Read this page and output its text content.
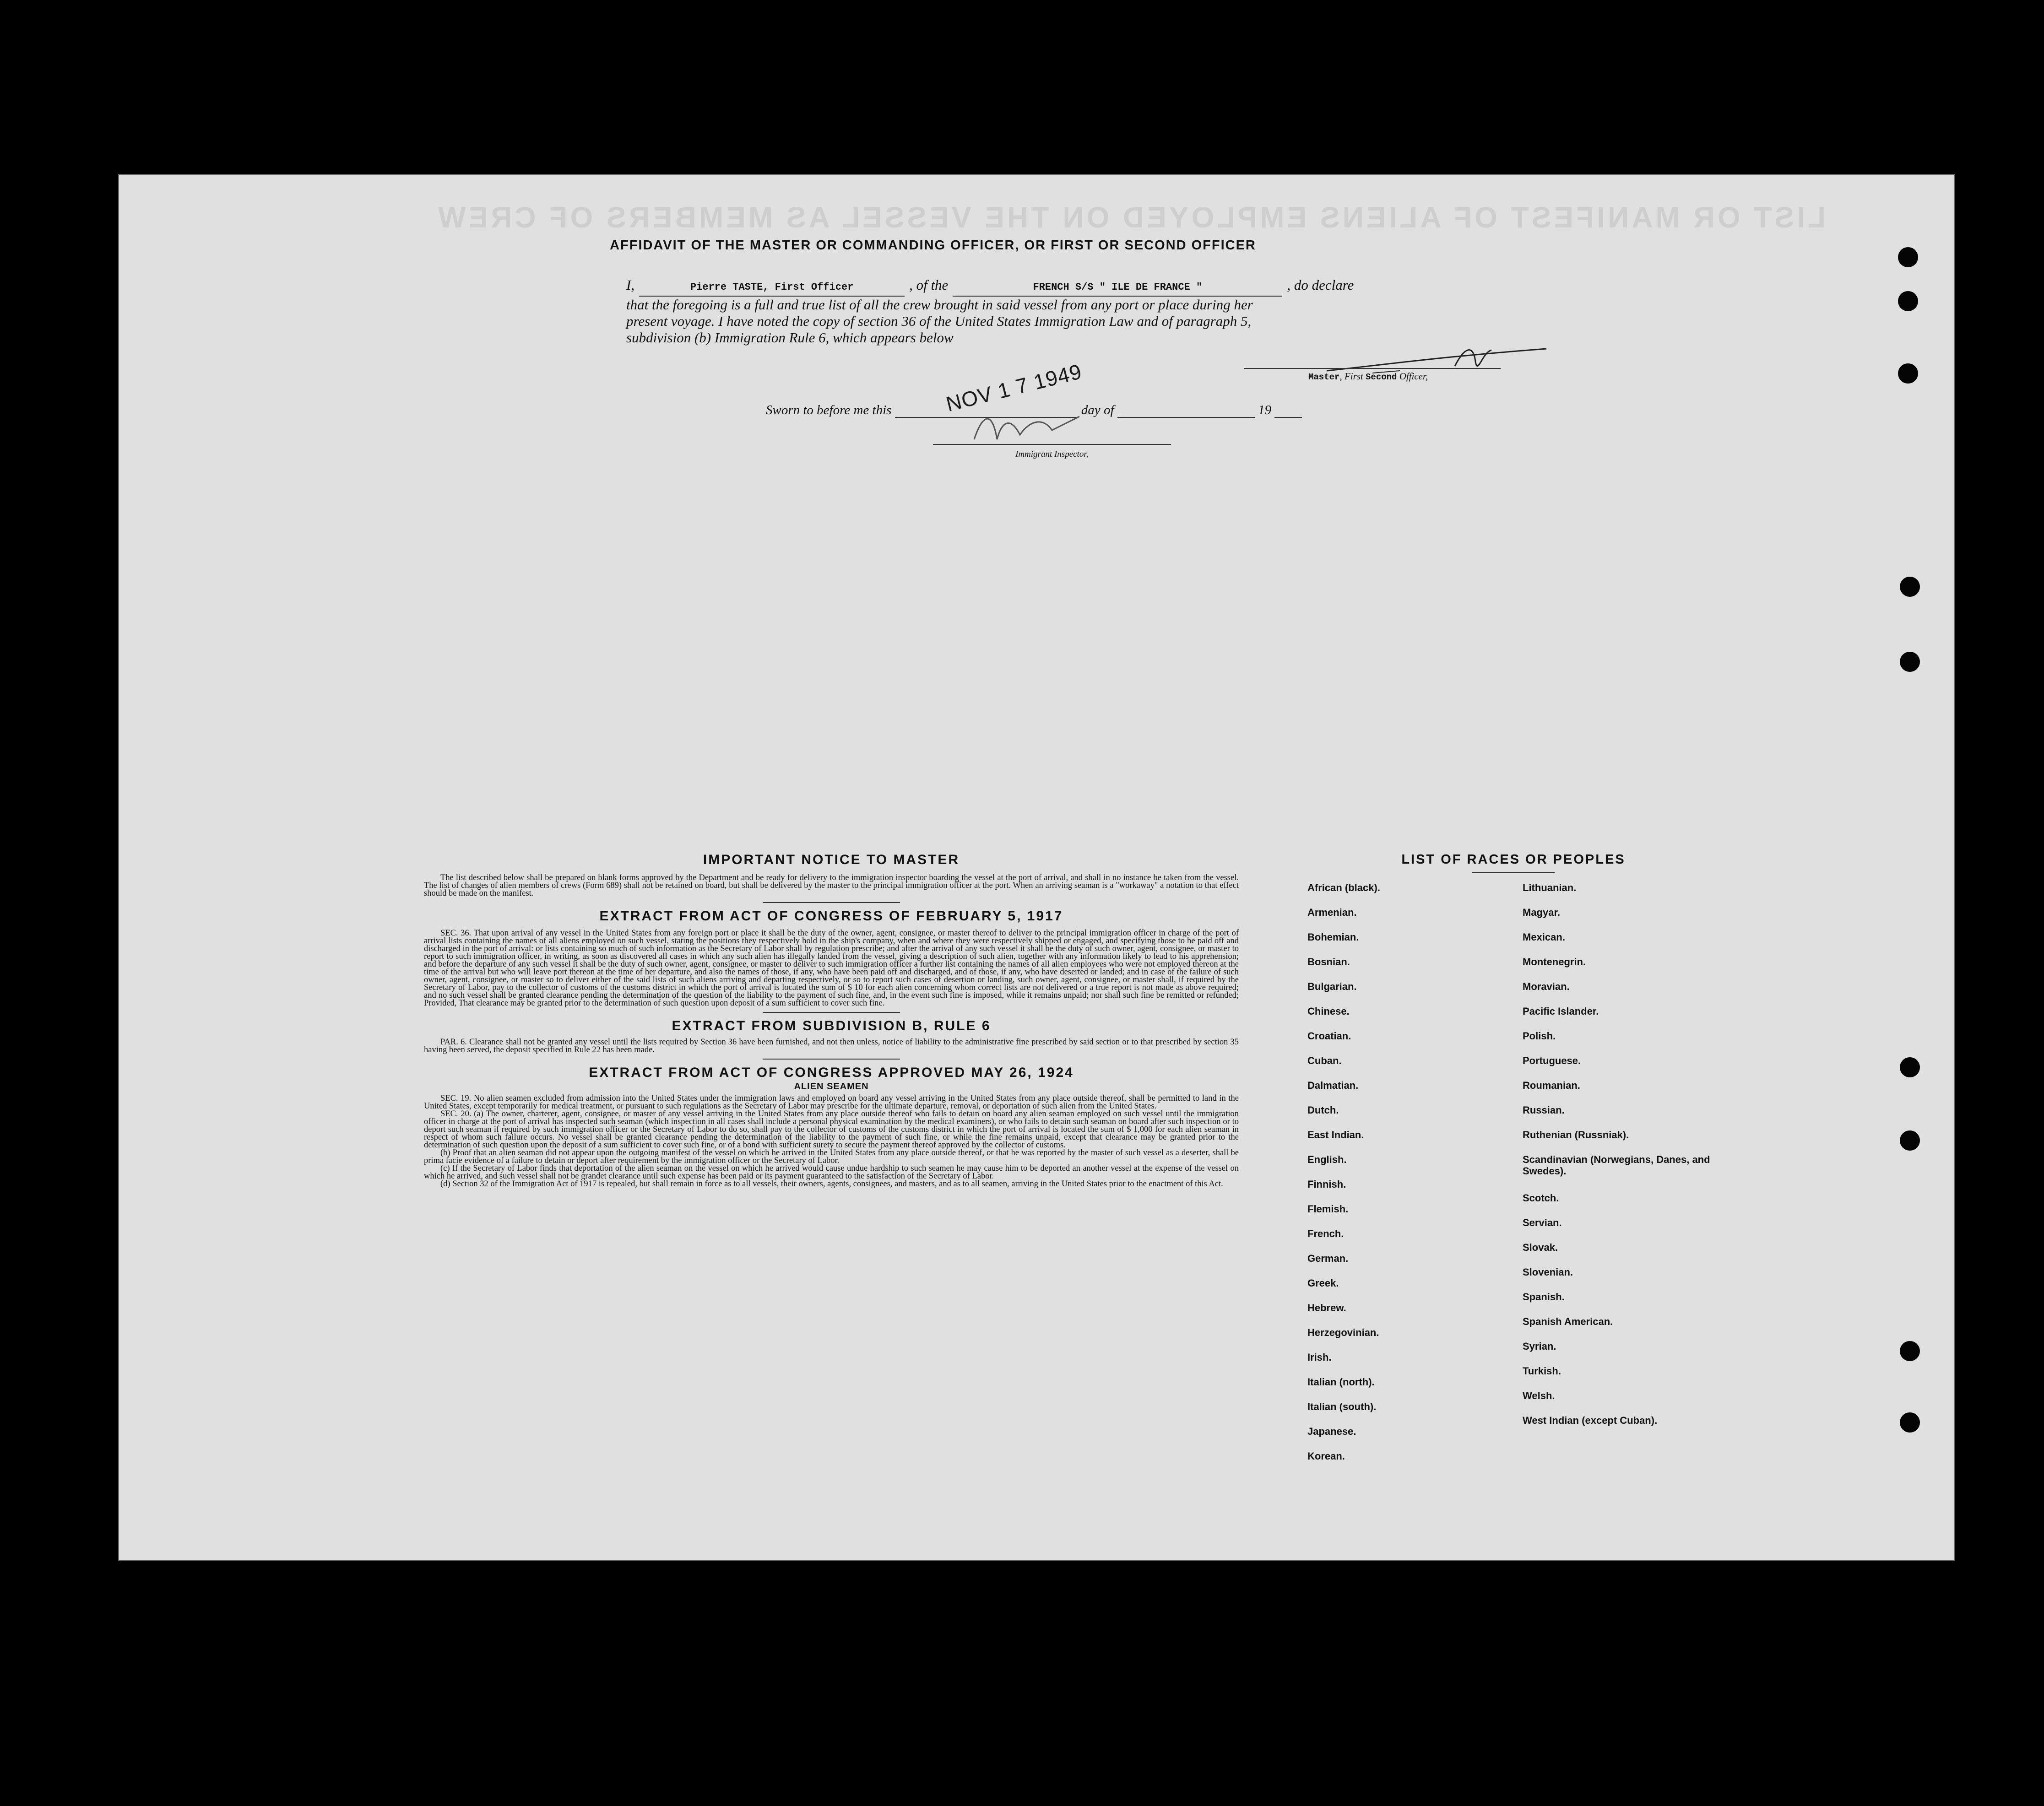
LIST OR MANIFEST OF ALIENS EMPLOYED ON THE VESSEL AS MEMBERS OF CREW
AFFIDAVIT OF THE MASTER OR COMMANDING OFFICER, OR FIRST OR SECOND OFFICER
I,	Pierre TASTE, First Officer	, of the	FRENCH S/S " ILE DE FRANCE "	, do declare
that the foregoing is a full and true list of all the crew brought in said vessel from any port or place during her
present voyage. I have noted the copy of section 36 of the United States Immigration Law and of paragraph 5,
subdivision (b) Immigration Rule 6, which appears below
Master, First Second Officer,
Sworn to before me this	day of	19
NOV 1 7 1949
Immigrant Inspector,
IMPORTANT NOTICE TO MASTER

The list described below shall be prepared on blank forms approved by the Department and be ready for delivery to the immigration inspector boarding the vessel at the port of arrival, and shall in no instance be taken from the vessel. The list of changes of alien members of crews (Form 689) shall not be retained on board, but shall be delivered by the master to the principal immigration officer at the port. When an arriving seaman is a "workaway" a notation to that effect should be made on the manifest.

EXTRACT FROM ACT OF CONGRESS OF FEBRUARY 5, 1917

SEC. 36. That upon arrival of any vessel in the United States from any foreign port or place it shall be the duty of the owner, agent, consignee, or master thereof to deliver to the principal immigration officer in charge of the port of arrival lists containing the names of all aliens employed on such vessel, stating the positions they respectively hold in the ship's company, when and where they were respectively shipped or engaged, and specifying those to be paid off and discharged in the port of arrival: or lists containing so much of such information as the Secretary of Labor shall by regulation prescribe; and after the arrival of any such vessel it shall be the duty of such owner, agent, consignee, or master to report to such immigration officer, in writing, as soon as discovered all cases in which any such alien has illegally landed from the vessel, giving a description of such alien, together with any information likely to lead to his apprehension; and before the departure of any such vessel it shall be the duty of such owner, agent, consignee, or master to deliver to such immigration officer a further list containing the names of all alien employees who were not employed thereon at the time of the arrival but who will leave port thereon at the time of her departure, and also the names of those, if any, who have been paid off and discharged, and of those, if any, who have deserted or landed; and in case of the failure of such owner, agent, consignee, or master so to deliver either of the said lists of such aliens arriving and departing respectively, or so to report such cases of desertion or landing, such owner, agent, consignee, or master shall, if required by the Secretary of Labor, pay to the collector of customs of the customs district in which the port of arrival is located the sum of $ 10 for each alien concerning whom correct lists are not delivered or a true report is not made as above required; and no such vessel shall be granted clearance pending the determination of the question of the liability to the payment of such fine, and, in the event such fine is imposed, while it remains unpaid; nor shall such fine be remitted or refunded; Provided, That clearance may be granted prior to the determination of such question upon deposit of a sum sufficient to cover such fine.

EXTRACT FROM SUBDIVISION B, RULE 6

PAR. 6. Clearance shall not be granted any vessel until the lists required by Section 36 have been furnished, and not then unless, notice of liability to the administrative fine prescribed by said section or to that prescribed by section 35 having been served, the deposit specified in Rule 22 has been made.

EXTRACT FROM ACT OF CONGRESS APPROVED MAY 26, 1924
ALIEN SEAMEN

SEC. 19. No alien seamen excluded from admission into the United States under the immigration laws and employed on board any vessel arriving in the United States from any place outside thereof, shall be permitted to land in the United States, except temporarily for medical treatment, or pursuant to such regulations as the Secretary of Labor may prescribe for the ultimate departure, removal, or deportation of such alien from the United States.

SEC. 20. (a) The owner, charterer, agent, consignee, or master of any vessel arriving in the United States from any place outside thereof who fails to detain on board any alien seaman employed on such vessel until the immigration officer in charge at the port of arrival has inspected such seaman (which inspection in all cases shall include a personal physical examination by the medical examiners), or who fails to detain such seaman on board after such inspection or to deport such seaman if required by such immigration officer or the Secretary of Labor to do so, shall pay to the collector of customs of the customs district in which the port of arrival is located the sum of $ 1,000 for each alien seaman in respect of whom such failure occurs. No vessel shall be granted clearance pending the determination of the liability to the payment of such fine, or while the fine remains unpaid, except that clearance may be granted prior to the determination of such question upon the deposit of a sum sufficient to cover such fine, or of a bond with sufficient surety to secure the payment thereof approved by the collector of customs.

(b) Proof that an alien seaman did not appear upon the outgoing manifest of the vessel on which he arrived in the United States from any place outside thereof, or that he was reported by the master of such vessel as a deserter, shall be prima facie evidence of a failure to detain or deport after requirement by the immigration officer or the Secretary of Labor.

(c) If the Secretary of Labor finds that deportation of the alien seaman on the vessel on which he arrived would cause undue hardship to such seamen he may cause him to be deported an another vessel at the expense of the vessel on which he arrived, and such vessel shall not be grandet clearance until such expense has been paid or its payment guaranteed to the satisfaction of the Secretary of Labor.

(d) Section 32 of the Immigration Act of 1917 is repealed, but shall remain in force as to all vessels, their owners, agents, consignees, and masters, and as to all seamen, arriving in the United States prior to the enactment of this Act.

LIST OF RACES OR PEOPLES

African (black).

Armenian.

Bohemian.

Bosnian.

Bulgarian.

Chinese.

Croatian.

Cuban.

Dalmatian.

Dutch.

East Indian.

English.

Finnish.

Flemish.

French.

German.

Greek.

Hebrew.

Herzegovinian.

Irish.

Italian (north).

Italian (south).

Japanese.

Korean.

Lithuanian.

Magyar.

Mexican.

Montenegrin.

Moravian.

Pacific Islander.

Polish.

Portuguese.

Roumanian.

Russian.

Ruthenian (Russniak).

Scandinavian (Norwegians, Danes, and Swedes).

Scotch.

Servian.

Slovak.

Slovenian.

Spanish.

Spanish American.

Syrian.

Turkish.

Welsh.

West Indian (except Cuban).
